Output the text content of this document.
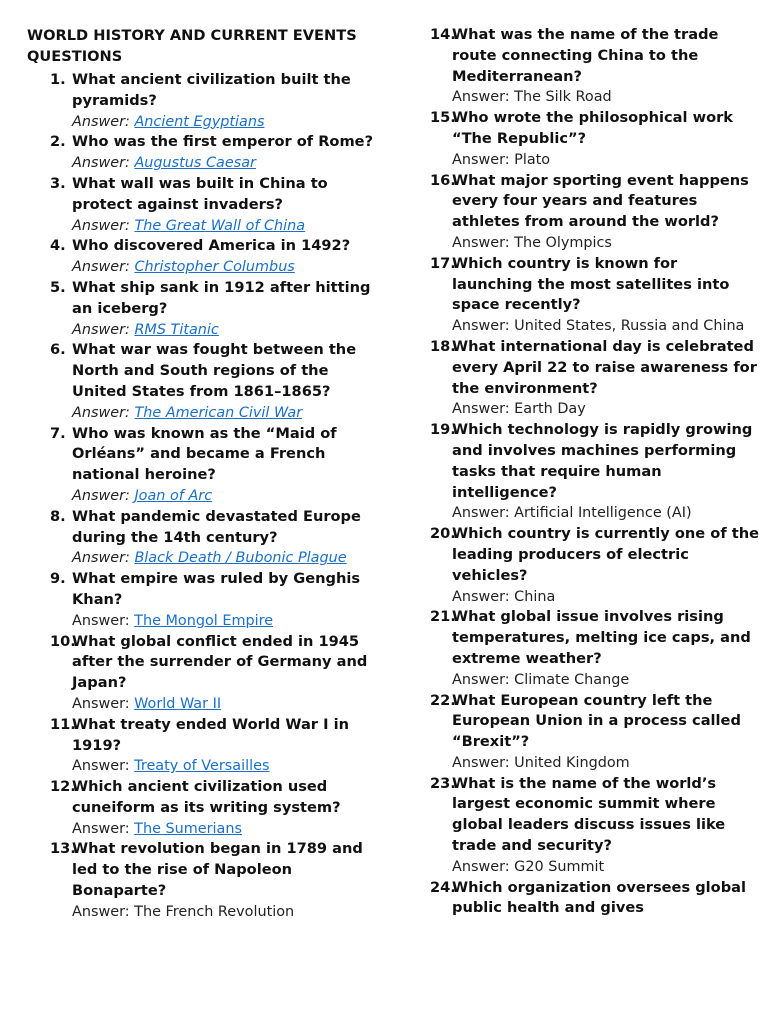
WORLD HISTORY AND CURRENT EVENTS QUESTIONS
1. What ancient civilization built the pyramids?
Answer: Ancient Egyptians
2. Who was the first emperor of Rome?
Answer: Augustus Caesar
3. What wall was built in China to protect against invaders?
Answer: The Great Wall of China
4. Who discovered America in 1492?
Answer: Christopher Columbus
5. What ship sank in 1912 after hitting an iceberg?
Answer: RMS Titanic
6. What war was fought between the North and South regions of the United States from 1861–1865?
Answer: The American Civil War
7. Who was known as the “Maid of Orléans” and became a French national heroine?
Answer: Joan of Arc
8. What pandemic devastated Europe during the 14th century?
Answer: Black Death / Bubonic Plague
9. What empire was ruled by Genghis Khan?
Answer: The Mongol Empire
10.
What global conflict ended in 1945 after the surrender of Germany and Japan?
Answer: World War II
11.
What treaty ended World War I in 1919?
Answer: Treaty of Versailles
12.
Which ancient civilization used cuneiform as its writing system?
Answer: The Sumerians
13.
What revolution began in 1789 and led to the rise of Napoleon Bonaparte?
Answer: The French Revolution
14.
What was the name of the trade route connecting China to the Mediterranean?
Answer: The Silk Road
15.
Who wrote the philosophical work “The Republic”?
Answer: Plato
16.
What major sporting event happens every four years and features athletes from around the world?
Answer: The Olympics
17.
Which country is known for launching the most satellites into space recently?
Answer: United States, Russia and China
18.
What international day is celebrated every April 22 to raise awareness for the environment?
Answer: Earth Day
19.
Which technology is rapidly growing and involves machines performing tasks that require human intelligence?
Answer: Artificial Intelligence (AI)
20.
Which country is currently one of the leading producers of electric vehicles?
Answer: China
21.
What global issue involves rising temperatures, melting ice caps, and extreme weather?
Answer: Climate Change
22.
What European country left the European Union in a process called “Brexit”?
Answer: United Kingdom
23.
What is the name of the world’s largest economic summit where global leaders discuss issues like trade and security?
Answer: G20 Summit
24.
Which organization oversees global public health and gives
